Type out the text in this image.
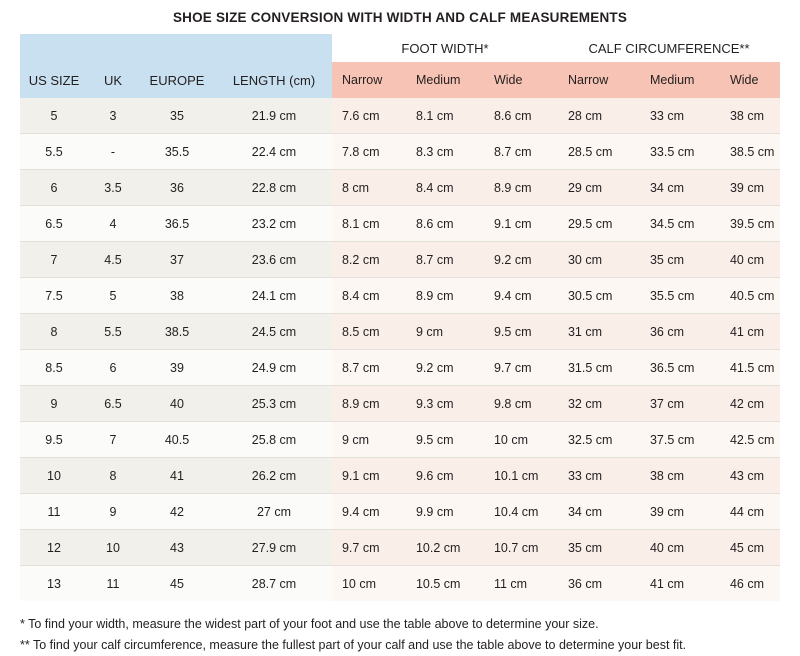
SHOE SIZE CONVERSION WITH WIDTH AND CALF MEASUREMENTS
				FOOT WIDTH*			CALF CIRCUMFERENCE**		
US SIZE	UK	EUROPE	LENGTH (cm)	Narrow	Medium	Wide	Narrow	Medium	Wide
5	3	35	21.9 cm	7.6 cm	8.1 cm	8.6 cm	28 cm	33 cm	38 cm
5.5	-	35.5	22.4 cm	7.8 cm	8.3 cm	8.7 cm	28.5 cm	33.5 cm	38.5 cm
6	3.5	36	22.8 cm	8 cm	8.4 cm	8.9 cm	29 cm	34 cm	39 cm
6.5	4	36.5	23.2 cm	8.1 cm	8.6 cm	9.1 cm	29.5 cm	34.5 cm	39.5 cm
7	4.5	37	23.6 cm	8.2 cm	8.7 cm	9.2 cm	30 cm	35 cm	40 cm
7.5	5	38	24.1 cm	8.4 cm	8.9 cm	9.4 cm	30.5 cm	35.5 cm	40.5 cm
8	5.5	38.5	24.5 cm	8.5 cm	9 cm	9.5 cm	31 cm	36 cm	41 cm
8.5	6	39	24.9 cm	8.7 cm	9.2 cm	9.7 cm	31.5 cm	36.5 cm	41.5 cm
9	6.5	40	25.3 cm	8.9 cm	9.3 cm	9.8 cm	32 cm	37 cm	42 cm
9.5	7	40.5	25.8 cm	9 cm	9.5 cm	10 cm	32.5 cm	37.5 cm	42.5 cm
10	8	41	26.2 cm	9.1 cm	9.6 cm	10.1 cm	33 cm	38 cm	43 cm
11	9	42	27 cm	9.4 cm	9.9 cm	10.4 cm	34 cm	39 cm	44 cm
12	10	43	27.9 cm	9.7 cm	10.2 cm	10.7 cm	35 cm	40 cm	45 cm
13	11	45	28.7 cm	10 cm	10.5 cm	11 cm	36 cm	41 cm	46 cm

* To find your width, measure the widest part of your foot and use the table above to determine your size.

** To find your calf circumference, measure the fullest part of your calf and use the table above to determine your best fit.
